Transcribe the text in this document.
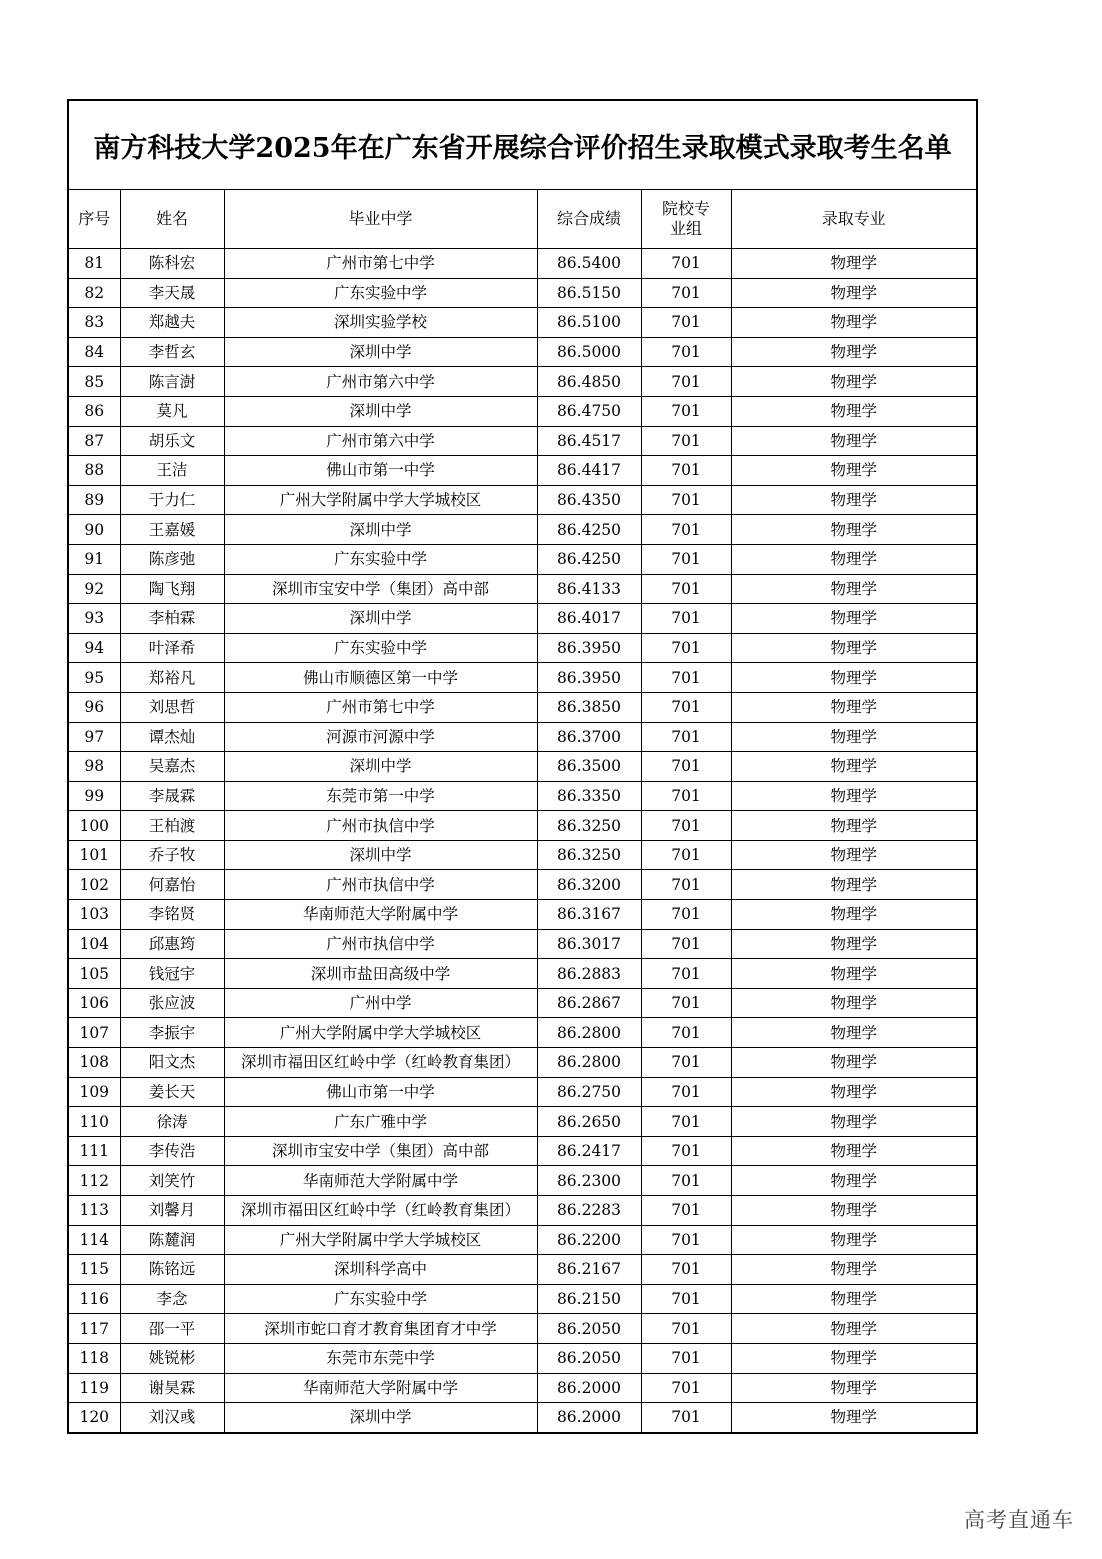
南方科技大学2025年在广东省开展综合评价招生录取模式录取考生名单
序号	姓名	毕业中学	综合成绩	院校专业组	录取专业
81	陈科宏	广州市第七中学	86.5400	701	物理学
82	李天晟	广东实验中学	86.5150	701	物理学
83	郑越夫	深圳实验学校	86.5100	701	物理学
84	李哲玄	深圳中学	86.5000	701	物理学
85	陈言澍	广州市第六中学	86.4850	701	物理学
86	莫凡	深圳中学	86.4750	701	物理学
87	胡乐文	广州市第六中学	86.4517	701	物理学
88	王洁	佛山市第一中学	86.4417	701	物理学
89	于力仁	广州大学附属中学大学城校区	86.4350	701	物理学
90	王嘉媛	深圳中学	86.4250	701	物理学
91	陈彦弛	广东实验中学	86.4250	701	物理学
92	陶飞翔	深圳市宝安中学（集团）高中部	86.4133	701	物理学
93	李柏霖	深圳中学	86.4017	701	物理学
94	叶泽希	广东实验中学	86.3950	701	物理学
95	郑裕凡	佛山市顺德区第一中学	86.3950	701	物理学
96	刘思哲	广州市第七中学	86.3850	701	物理学
97	谭杰灿	河源市河源中学	86.3700	701	物理学
98	吴嘉杰	深圳中学	86.3500	701	物理学
99	李晟霖	东莞市第一中学	86.3350	701	物理学
100	王柏渡	广州市执信中学	86.3250	701	物理学
101	乔子牧	深圳中学	86.3250	701	物理学
102	何嘉怡	广州市执信中学	86.3200	701	物理学
103	李铭贤	华南师范大学附属中学	86.3167	701	物理学
104	邱惠筠	广州市执信中学	86.3017	701	物理学
105	钱冠宇	深圳市盐田高级中学	86.2883	701	物理学
106	张应波	广州中学	86.2867	701	物理学
107	李振宇	广州大学附属中学大学城校区	86.2800	701	物理学
108	阳文杰	深圳市福田区红岭中学（红岭教育集团）	86.2800	701	物理学
109	姜长天	佛山市第一中学	86.2750	701	物理学
110	徐涛	广东广雅中学	86.2650	701	物理学
111	李传浩	深圳市宝安中学（集团）高中部	86.2417	701	物理学
112	刘笑竹	华南师范大学附属中学	86.2300	701	物理学
113	刘馨月	深圳市福田区红岭中学（红岭教育集团）	86.2283	701	物理学
114	陈麓润	广州大学附属中学大学城校区	86.2200	701	物理学
115	陈铭远	深圳科学高中	86.2167	701	物理学
116	李念	广东实验中学	86.2150	701	物理学
117	邵一平	深圳市蛇口育才教育集团育才中学	86.2050	701	物理学
118	姚锐彬	东莞市东莞中学	86.2050	701	物理学
119	谢昊霖	华南师范大学附属中学	86.2000	701	物理学
120	刘汉彧	深圳中学	86.2000	701	物理学
高考直通车
